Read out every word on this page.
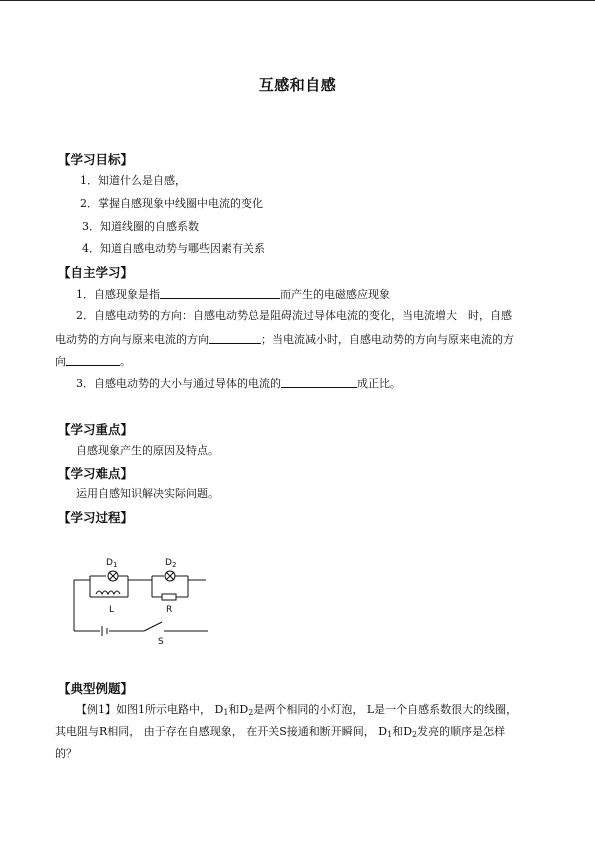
互感和自感
【学习目标】
1．知道什么是自感，
2．掌握自感现象中线圈中电流的变化
3．知道线圈的自感系数
4．知道自感电动势与哪些因素有关系
【自主学习】
1．自感现象是指	而产生的电磁感应现象
2．自感电动势的方向：自感电动势总是阻碍流过导体电流的变化，当电流增大　时，自感
电动势的方向与原来电流的方向	；当电流减小时，自感电动势的方向与原来电流的方
向	。
3．自感电动势的大小与通过导体的电流的	成正比。
【学习重点】
自感现象产生的原因及特点。
【学习难点】
运用自感知识解决实际问题。
【学习过程】
$D_1$	$D_2$
L	R
S
【典型例题】
【例1】如图1所示电路中， $D_1$和$D_2$是两个相同的小灯泡， L是一个自感系数很大的线圈，
其电阻与R相同， 由于存在自感现象， 在开关S接通和断开瞬间， $D_1$和$D_2$发亮的顺序是怎样
的？
